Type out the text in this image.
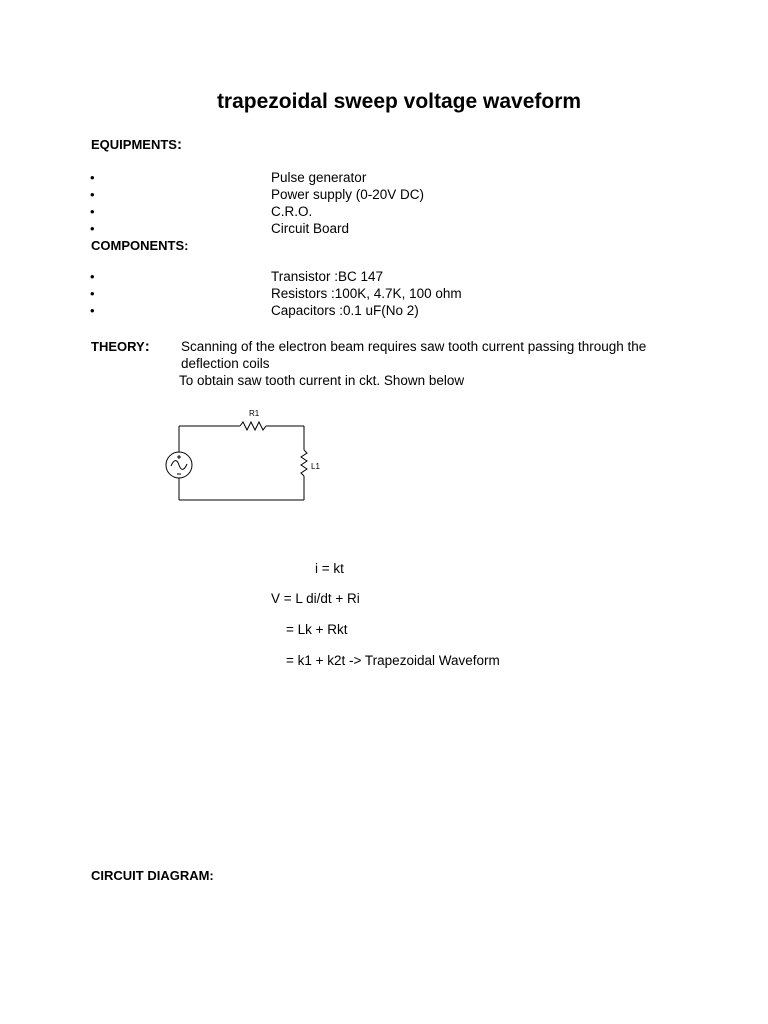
trapezoidal sweep voltage waveform
EQUIPMENTS:
•	Pulse generator
•	Power supply (0-20V DC)
•	C.R.O.
•	Circuit Board
COMPONENTS:
•	Transistor :BC 147
•	Resistors :100K, 4.7K, 100 ohm
•	Capacitors :0.1 uF(No 2)
THEORY: Scanning of the electron beam requires saw tooth current passing through the
deflection coils
To obtain saw tooth current in ckt. Shown below
R1
L1
i = kt
V = L di/dt + Ri
= Lk + Rkt
= k1 + k2t -> Trapezoidal Waveform
CIRCUIT DIAGRAM:
